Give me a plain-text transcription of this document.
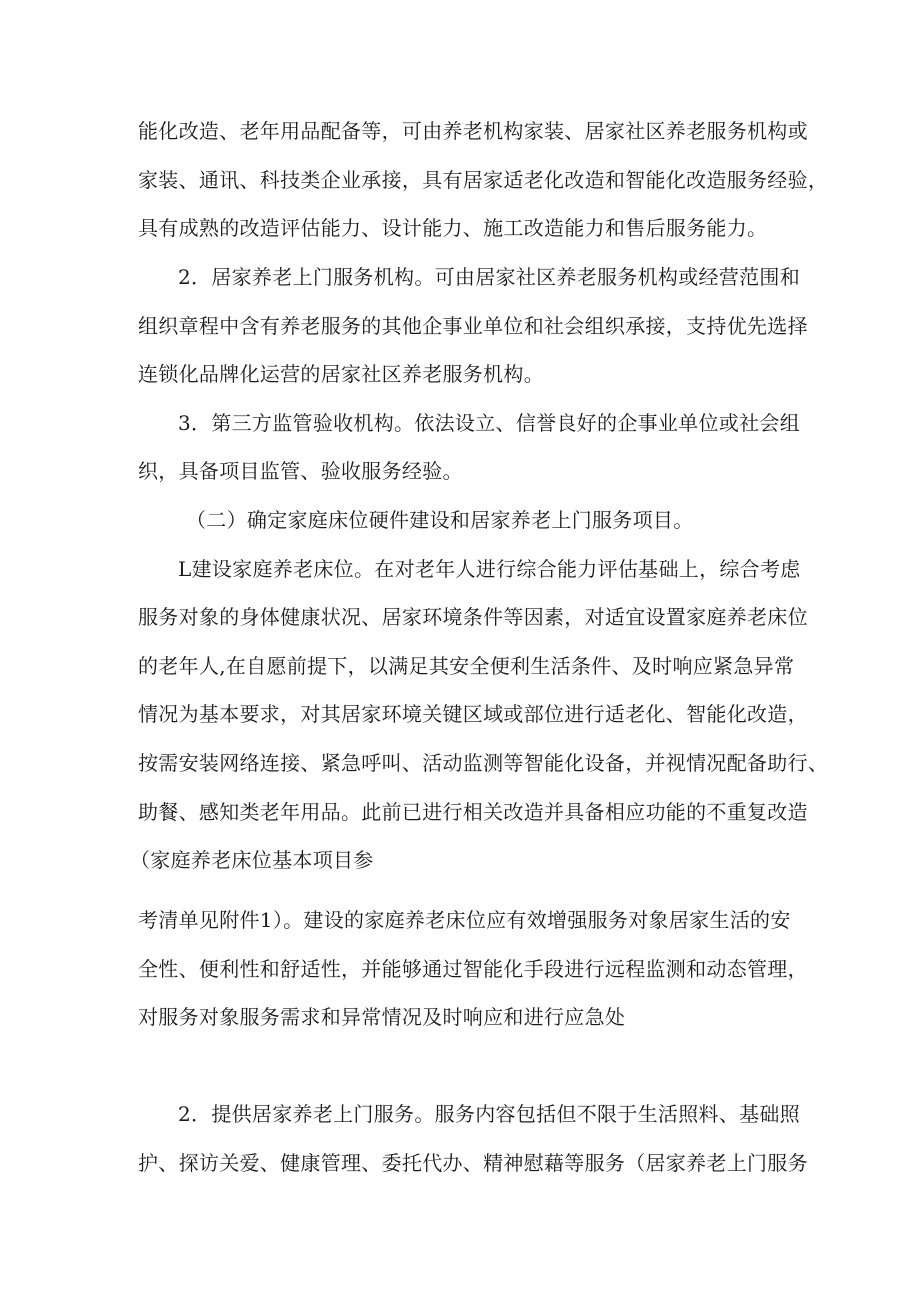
能化改造、老年用品配备等，可由养老机构家装、居家社区养老服务机构或
家装、通讯、科技类企业承接，具有居家适老化改造和智能化改造服务经验，
具有成熟的改造评估能力、设计能力、施工改造能力和售后服务能力。
2．居家养老上门服务机构。可由居家社区养老服务机构或经营范围和
组织章程中含有养老服务的其他企事业单位和社会组织承接，支持优先选择
连锁化品牌化运营的居家社区养老服务机构。
3．第三方监管验收机构。依法设立、信誉良好的企事业单位或社会组
织，具备项目监管、验收服务经验。
（二）确定家庭床位硬件建设和居家养老上门服务项目。
L建设家庭养老床位。在对老年人进行综合能力评估基础上，综合考虑
服务对象的身体健康状况、居家环境条件等因素，对适宜设置家庭养老床位
的老年人,在自愿前提下，以满足其安全便利生活条件、及时响应紧急异常
情况为基本要求，对其居家环境关键区域或部位进行适老化、智能化改造，
按需安装网络连接、紧急呼叫、活动监测等智能化设备，并视情况配备助行、
助餐、感知类老年用品。此前已进行相关改造并具备相应功能的不重复改造
（家庭养老床位基本项目参
考清单见附件1）。建设的家庭养老床位应有效增强服务对象居家生活的安
全性、便利性和舒适性，并能够通过智能化手段进行远程监测和动态管理，
对服务对象服务需求和异常情况及时响应和进行应急处
2．提供居家养老上门服务。服务内容包括但不限于生活照料、基础照
护、探访关爱、健康管理、委托代办、精神慰藉等服务（居家养老上门服务
